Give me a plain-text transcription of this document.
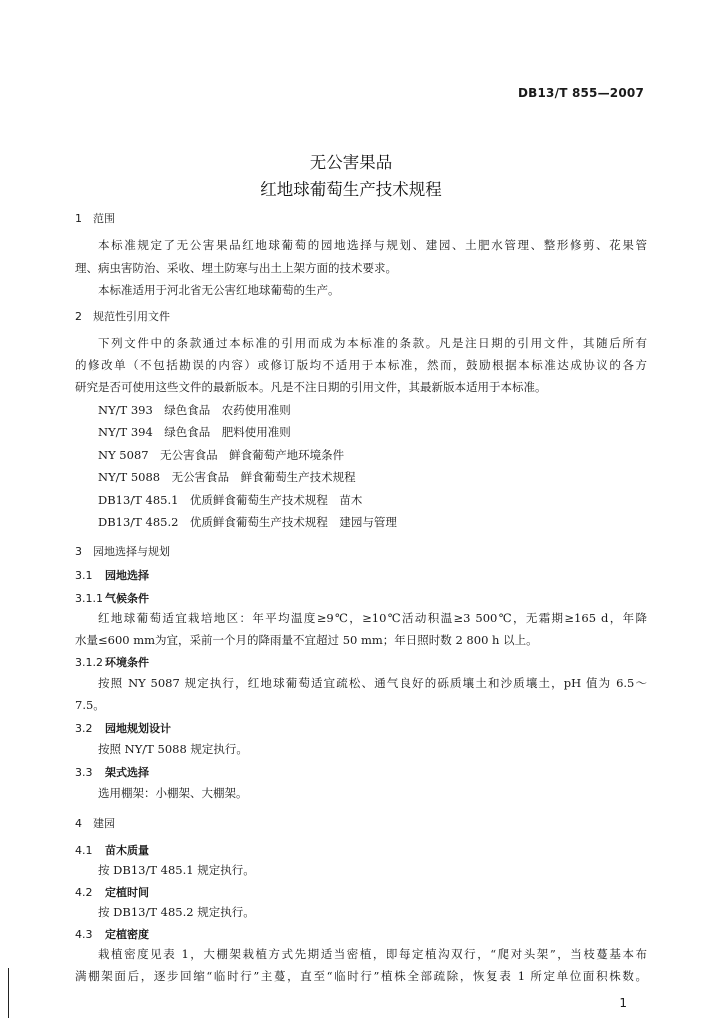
DB13/T 855—2007
无公害果品
红地球葡萄生产技术规程
1 范围
本标准规定了无公害果品红地球葡萄的园地选择与规划、建园、土肥水管理、整形修剪、花果管
理、病虫害防治、采收、埋土防寒与出土上架方面的技术要求。
本标准适用于河北省无公害红地球葡萄的生产。
2 规范性引用文件
下列文件中的条款通过本标准的引用而成为本标准的条款。凡是注日期的引用文件，其随后所有
的修改单（不包括勘误的内容）或修订版均不适用于本标准，然而，鼓励根据本标准达成协议的各方
研究是否可使用这些文件的最新版本。凡是不注日期的引用文件，其最新版本适用于本标准。
NY/T 393　绿色食品　农药使用准则
NY/T 394　绿色食品　肥料使用准则
NY 5087　无公害食品　鲜食葡萄产地环境条件
NY/T 5088　无公害食品　鲜食葡萄生产技术规程
DB13/T 485.1　优质鲜食葡萄生产技术规程　苗木
DB13/T 485.2　优质鲜食葡萄生产技术规程　建园与管理
3 园地选择与规划
3.1 园地选择
3.1.1 气候条件
红地球葡萄适宜栽培地区：年平均温度≥9℃，≥10℃活动积温≥3 500℃，无霜期≥165 d，年降
水量≤600 mm为宜，采前一个月的降雨量不宜超过 50 mm；年日照时数 2 800 h 以上。
3.1.2 环境条件
按照 NY 5087 规定执行，红地球葡萄适宜疏松、通气良好的砾质壤土和沙质壤土，pH 值为 6.5～
7.5。
3.2 园地规划设计
按照 NY/T 5088 规定执行。
3.3 架式选择
选用棚架：小棚架、大棚架。
4 建园
4.1 苗木质量
按 DB13/T 485.1 规定执行。
4.2 定植时间
按 DB13/T 485.2 规定执行。
4.3 定植密度
栽植密度见表 1，大棚架栽植方式先期适当密植，即每定植沟双行，“爬对头架”，当枝蔓基本布
满棚架面后，逐步回缩“临时行”主蔓，直至“临时行”植株全部疏除，恢复表 1 所定单位面积株数。
1
